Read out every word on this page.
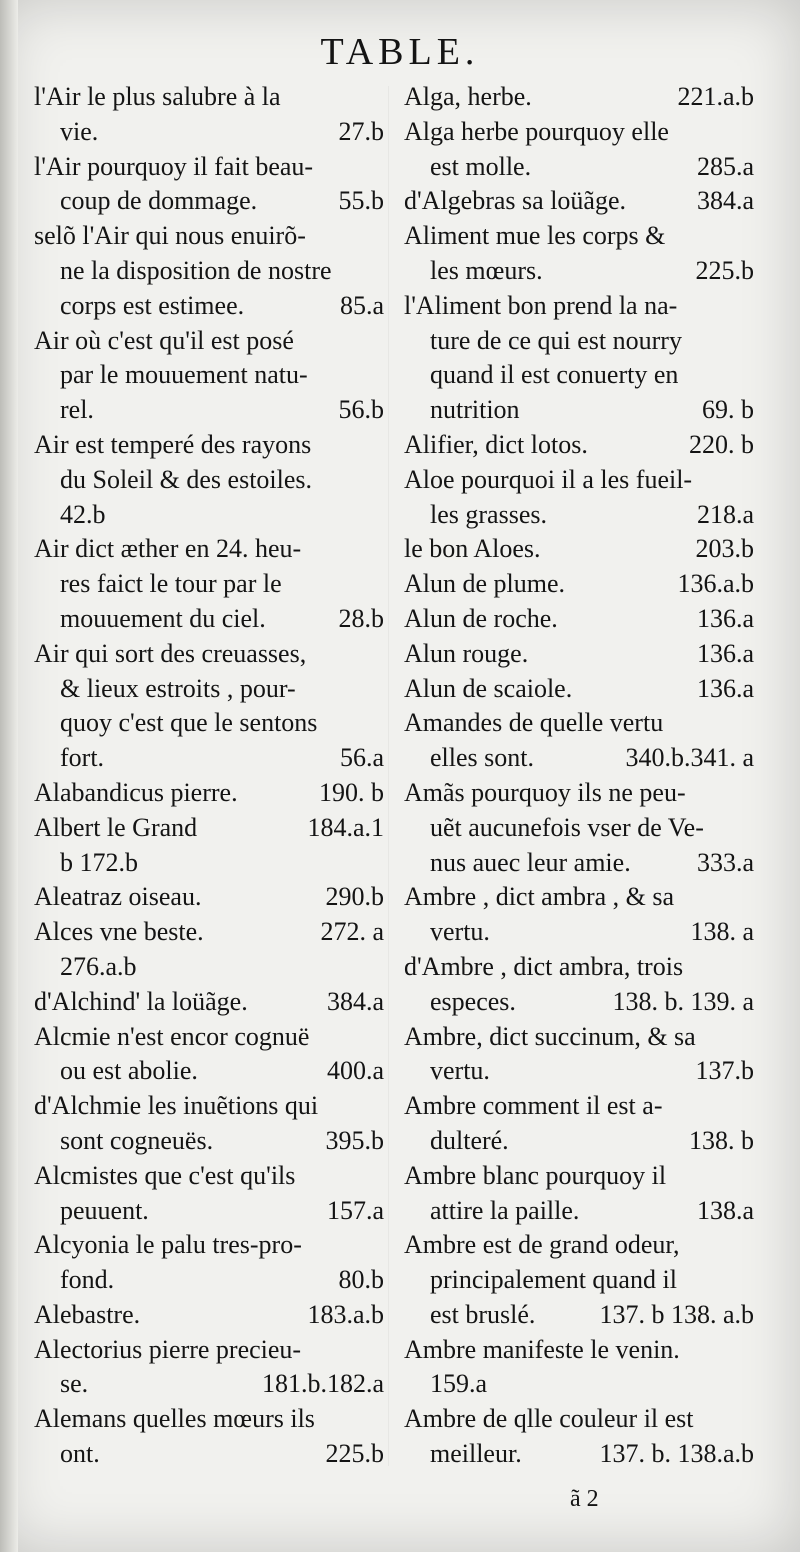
TABLE.
l'Air le plus salubre à la
27.b
vie.
l'Air pourquoy il fait beau-
55.b
coup de dommage.
selõ l'Air qui nous enuirõ-
ne la disposition de nostre
85.a
corps est estimee.
Air où c'est qu'il est posé
par le mouuement natu-
56.b
rel.
Air est temperé des rayons
du Soleil & des estoiles.
42.b
Air dict æther en 24. heu-
res faict le tour par le
28.b
mouuement du ciel.
Air qui sort des creuasses,
& lieux estroits , pour-
quoy c'est que le sentons
56.a
fort.
190. b
Alabandicus pierre.
184.a.1
Albert le Grand
b 172.b
290.b
Aleatraz oiseau.
272. a
Alces vne beste.
276.a.b
384.a
d'Alchind' la loüãge.
Alcmie n'est encor cognuë
400.a
ou est abolie.
d'Alchmie les inuẽtions qui
395.b
sont cogneuës.
Alcmistes que c'est qu'ils
157.a
peuuent.
Alcyonia le palu tres-pro-
80.b
fond.
183.a.b
Alebastre.
Alectorius pierre precieu-
181.b.182.a
se.
Alemans quelles mœurs ils
225.b
ont.
221.a.b
Alga, herbe.
Alga herbe pourquoy elle
285.a
est molle.
384.a
d'Algebras sa loüãge.
Aliment mue les corps &
225.b
les mœurs.
l'Aliment bon prend la na-
ture de ce qui est nourry
quand il est conuerty en
69. b
nutrition
220. b
Alifier, dict lotos.
Aloe pourquoi il a les fueil-
218.a
les grasses.
203.b
le bon Aloes.
136.a.b
Alun de plume.
136.a
Alun de roche.
136.a
Alun rouge.
136.a
Alun de scaiole.
Amandes de quelle vertu
340.b.341. a
elles sont.
Amãs pourquoy ils ne peu-
uẽt aucunefois vser de Ve-
333.a
nus auec leur amie.
Ambre , dict ambra , & sa
138. a
vertu.
d'Ambre , dict ambra, trois
138. b. 139. a
especes.
Ambre, dict succinum, & sa
137.b
vertu.
Ambre comment il est a-
138. b
dulteré.
Ambre blanc pourquoy il
138.a
attire la paille.
Ambre est de grand odeur,
principalement quand il
137. b 138. a.b
est bruslé.
Ambre manifeste le venin.
159.a
Ambre de qlle couleur il est
137. b. 138.a.b
meilleur.
ã 2
